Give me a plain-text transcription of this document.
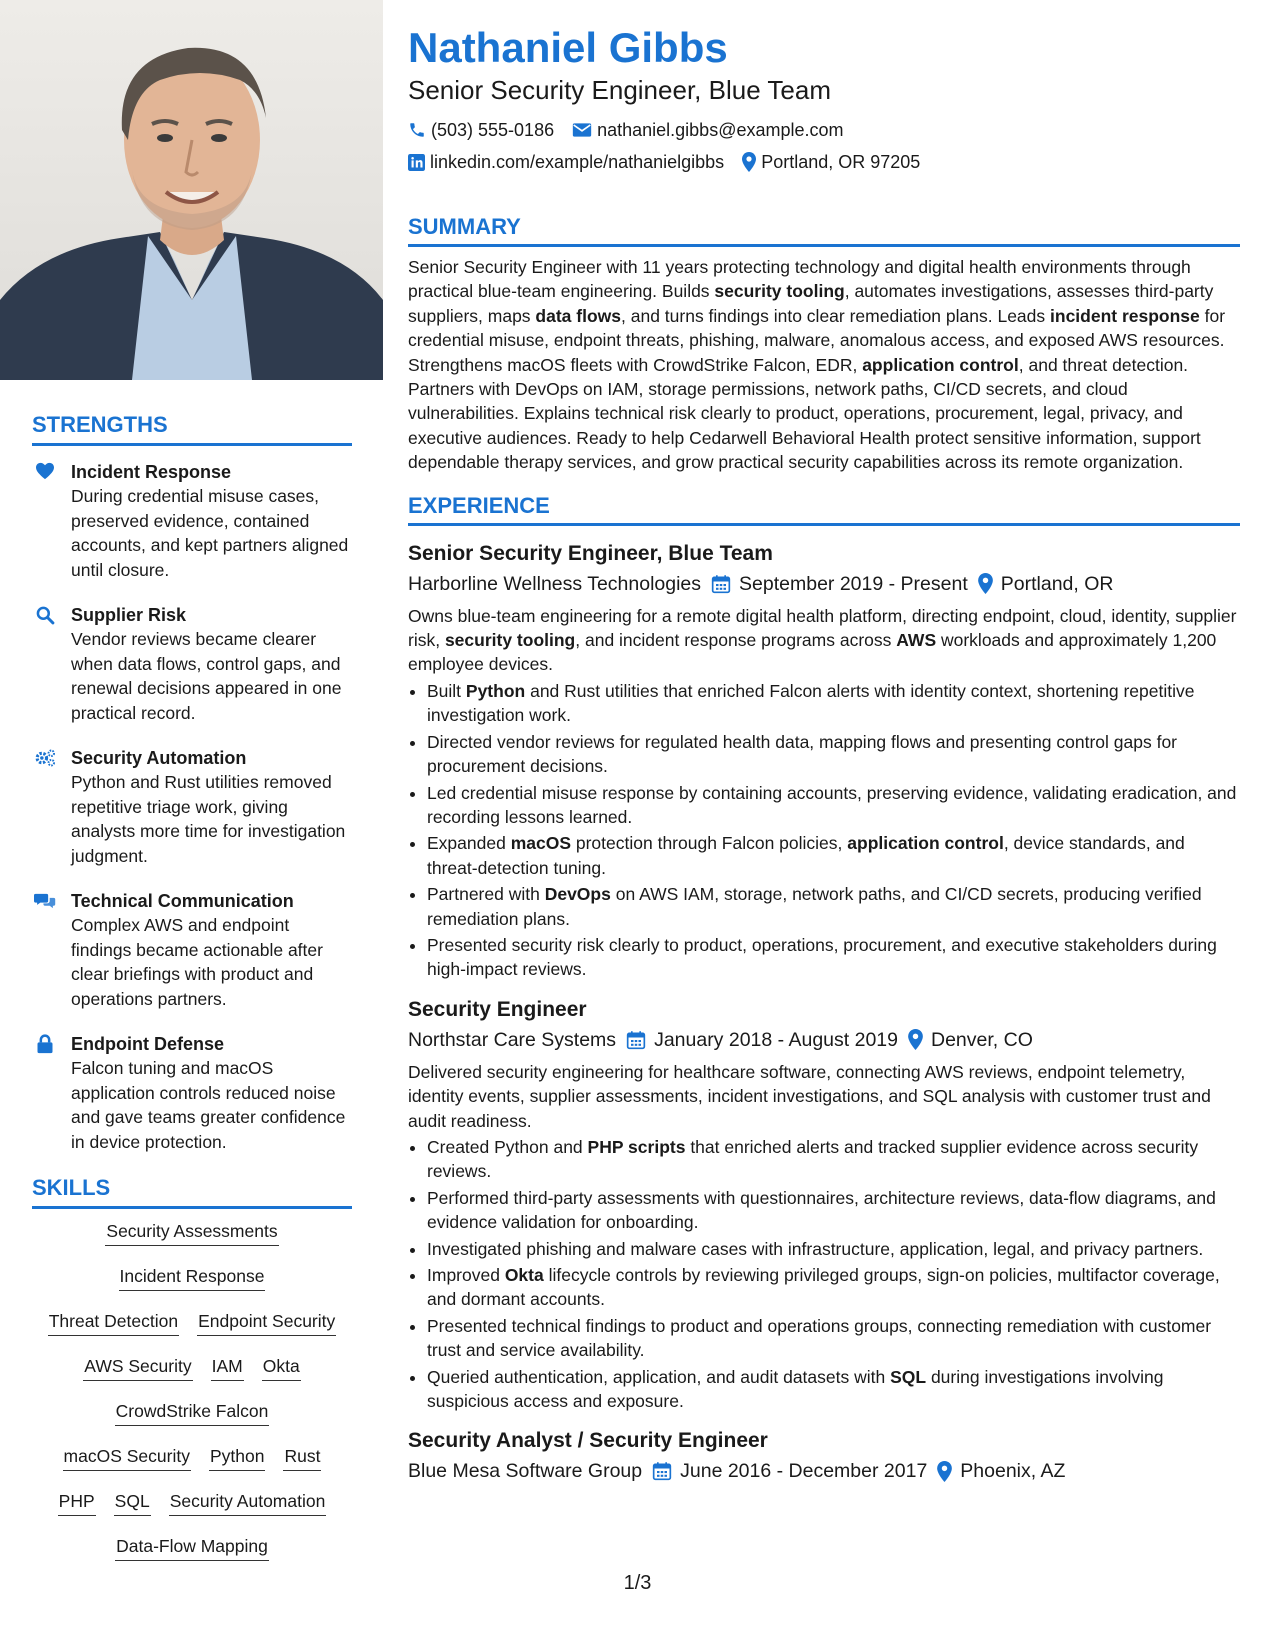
STRENGTHS
Incident Response
During credential misuse cases, preserved evidence, contained accounts, and kept partners aligned until closure.
Supplier Risk
Vendor reviews became clearer when data flows, control gaps, and renewal decisions appeared in one practical record.
Security Automation
Python and Rust utilities removed repetitive triage work, giving analysts more time for investigation judgment.
Technical Communication
Complex AWS and endpoint findings became actionable after clear briefings with product and operations partners.
Endpoint Defense
Falcon tuning and macOS application controls reduced noise and gave teams greater confidence in device protection.
SKILLS
Security Assessments
Incident Response
Threat Detection Endpoint Security
AWS Security IAM Okta
CrowdStrike Falcon
macOS Security Python Rust
PHP SQL Security Automation
Data-Flow Mapping
Nathaniel Gibbs
Senior Security Engineer, Blue Team
(503) 555-0186 nathaniel.gibbs@example.com
linkedin.com/example/nathanielgibbs Portland, OR 97205
SUMMARY

Senior Security Engineer with 11 years protecting technology and digital health environments through practical blue-team engineering. Builds security tooling, automates investigations, assesses third-party suppliers, maps data flows, and turns findings into clear remediation plans. Leads incident response for credential misuse, endpoint threats, phishing, malware, anomalous access, and exposed AWS resources. Strengthens macOS fleets with CrowdStrike Falcon, EDR, application control, and threat detection. Partners with DevOps on IAM, storage permissions, network paths, CI/CD secrets, and cloud vulnerabilities. Explains technical risk clearly to product, operations, procurement, legal, privacy, and executive audiences. Ready to help Cedarwell Behavioral Health protect sensitive information, support dependable therapy services, and grow practical security capabilities across its remote organization.

EXPERIENCE
Senior Security Engineer, Blue Team
Harborline Wellness Technologies September 2019 - Present Portland, OR
Owns blue-team engineering for a remote digital health platform, directing endpoint, cloud, identity, supplier risk, security tooling, and incident response programs across AWS workloads and approximately 1,200 employee devices.
• Built Python and Rust utilities that enriched Falcon alerts with identity context, shortening repetitive investigation work.
• Directed vendor reviews for regulated health data, mapping flows and presenting control gaps for procurement decisions.
• Led credential misuse response by containing accounts, preserving evidence, validating eradication, and recording lessons learned.
• Expanded macOS protection through Falcon policies, application control, device standards, and threat-detection tuning.
• Partnered with DevOps on AWS IAM, storage, network paths, and CI/CD secrets, producing verified remediation plans.
• Presented security risk clearly to product, operations, procurement, and executive stakeholders during high-impact reviews.
Security Engineer
Northstar Care Systems January 2018 - August 2019 Denver, CO
Delivered security engineering for healthcare software, connecting AWS reviews, endpoint telemetry, identity events, supplier assessments, incident investigations, and SQL analysis with customer trust and audit readiness.
• Created Python and PHP scripts that enriched alerts and tracked supplier evidence across security reviews.
• Performed third-party assessments with questionnaires, architecture reviews, data-flow diagrams, and evidence validation for onboarding.
• Investigated phishing and malware cases with infrastructure, application, legal, and privacy partners.
• Improved Okta lifecycle controls by reviewing privileged groups, sign-on policies, multifactor coverage, and dormant accounts.
• Presented technical findings to product and operations groups, connecting remediation with customer trust and service availability.
• Queried authentication, application, and audit datasets with SQL during investigations involving suspicious access and exposure.
Security Analyst / Security Engineer
Blue Mesa Software Group June 2016 - December 2017 Phoenix, AZ
1/3
